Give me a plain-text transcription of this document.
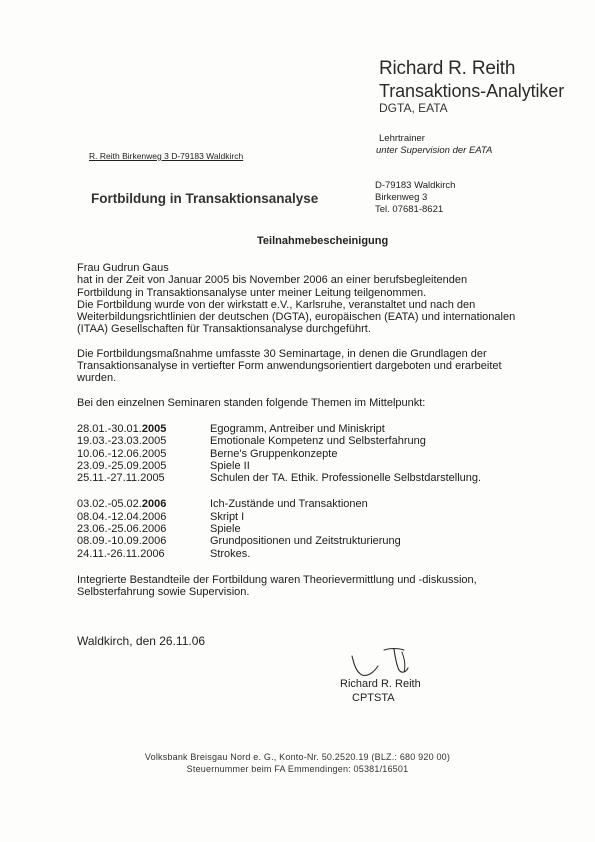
Richard R. Reith
Transaktions-Analytiker
DGTA, EATA
Lehrtrainer
unter Supervision der EATA
R. Reith Birkenweg 3 D-79183 Waldkirch
Fortbildung in Transaktionsanalyse
D-79183 Waldkirch
Birkenweg 3
Tel. 07681-8621
Teilnahmebescheinigung
Frau Gudrun Gaus
hat in der Zeit von Januar 2005 bis November 2006 an einer berufsbegleitenden
Fortbildung in Transaktionsanalyse unter meiner Leitung teilgenommen.
Die Fortbildung wurde von der wirkstatt e.V., Karlsruhe, veranstaltet und nach den
Weiterbildungsrichtlinien der deutschen (DGTA), europäischen (EATA) und internationalen
(ITAA) Gesellschaften für Transaktionsanalyse durchgeführt.
Die Fortbildungsmaßnahme umfasste 30 Seminartage, in denen die Grundlagen der
Transaktionsanalyse in vertiefter Form anwendungsorientiert dargeboten und erarbeitet
wurden.
Bei den einzelnen Seminaren standen folgende Themen im Mittelpunkt:
28.01.-30.01.2005	Egogramm, Antreiber und Miniskript
19.03.-23.03.2005	Emotionale Kompetenz und Selbsterfahrung
10.06.-12.06.2005	Berne's Gruppenkonzepte
23.09.-25.09.2005	Spiele II
25.11.-27.11.2005	Schulen der TA. Ethik. Professionelle Selbstdarstellung.
03.02.-05.02.2006	Ich-Zustände und Transaktionen
08.04.-12.04.2006	Skript I
23.06.-25.06.2006	Spiele
08.09.-10.09.2006	Grundpositionen und Zeitstrukturierung
24.11.-26.11.2006	Strokes.
Integrierte Bestandteile der Fortbildung waren Theorievermittlung und -diskussion,
Selbsterfahrung sowie Supervision.
Waldkirch, den 26.11.06
Richard R. Reith
CPTSTA
Volksbank Breisgau Nord e. G., Konto-Nr. 50.2520.19 (BLZ.: 680 920 00)
Steuernummer beim FA Emmendingen: 05381/16501
